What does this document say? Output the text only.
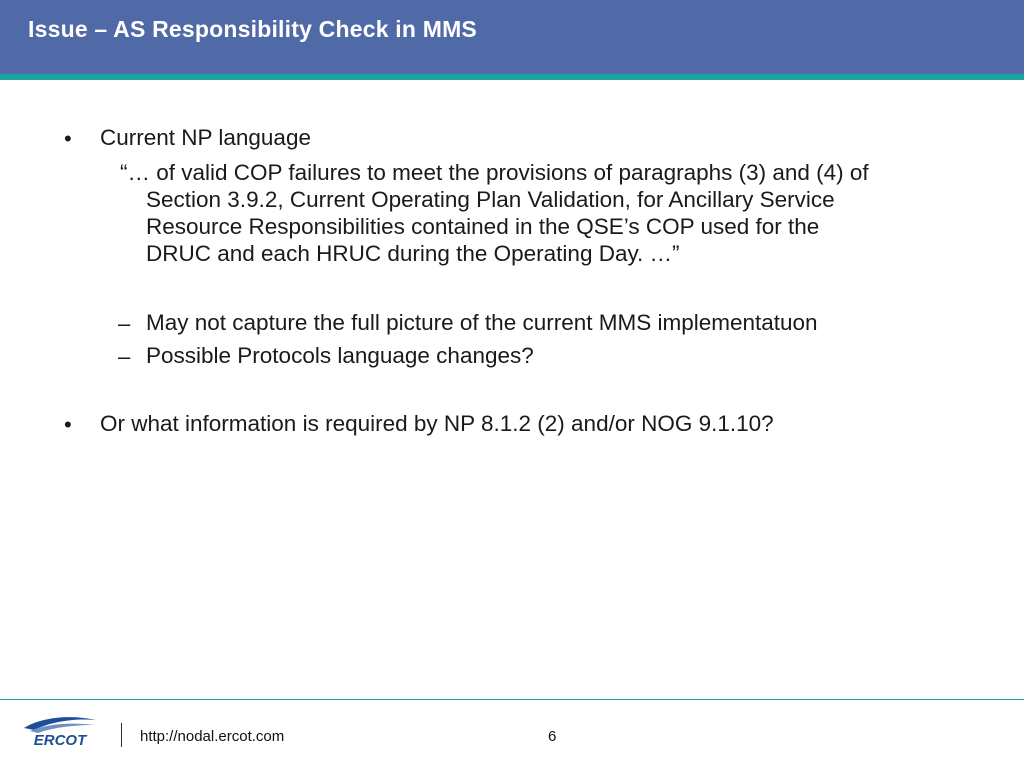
Issue – AS Responsibility Check in MMS
• Current NP language
“… of valid COP failures to meet the provisions of paragraphs (3) and (4) of
Section 3.9.2, Current Operating Plan Validation, for Ancillary Service
Resource Responsibilities contained in the QSE’s COP used for the
DRUC and each HRUC during the Operating Day. …”
– May not capture the full picture of the current MMS implementatuon
– Possible Protocols language changes?
• Or what information is required by NP 8.1.2 (2) and/or NOG 9.1.10?
ERCOT	http://nodal.ercot.com	6
